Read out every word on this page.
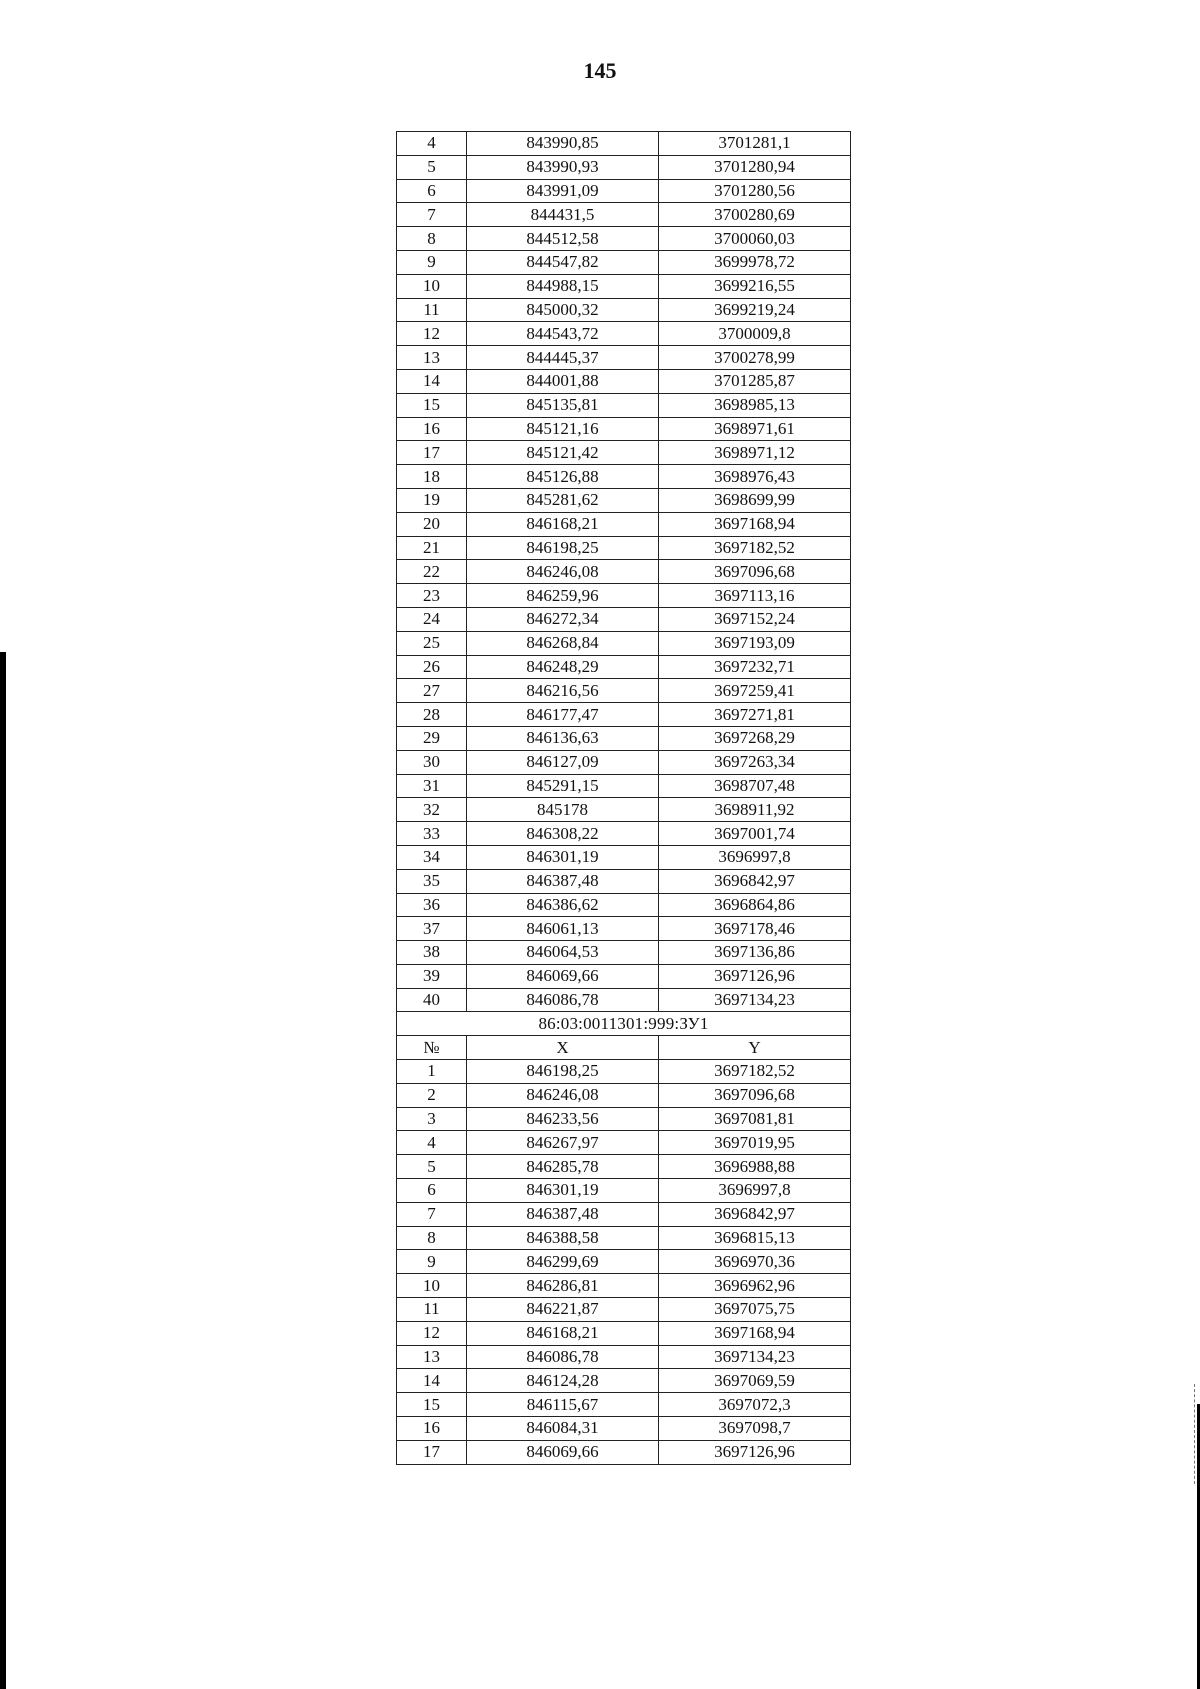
145
4	843990,85	3701281,1
5	843990,93	3701280,94
6	843991,09	3701280,56
7	844431,5	3700280,69
8	844512,58	3700060,03
9	844547,82	3699978,72
10	844988,15	3699216,55
11	845000,32	3699219,24
12	844543,72	3700009,8
13	844445,37	3700278,99
14	844001,88	3701285,87
15	845135,81	3698985,13
16	845121,16	3698971,61
17	845121,42	3698971,12
18	845126,88	3698976,43
19	845281,62	3698699,99
20	846168,21	3697168,94
21	846198,25	3697182,52
22	846246,08	3697096,68
23	846259,96	3697113,16
24	846272,34	3697152,24
25	846268,84	3697193,09
26	846248,29	3697232,71
27	846216,56	3697259,41
28	846177,47	3697271,81
29	846136,63	3697268,29
30	846127,09	3697263,34
31	845291,15	3698707,48
32	845178	3698911,92
33	846308,22	3697001,74
34	846301,19	3696997,8
35	846387,48	3696842,97
36	846386,62	3696864,86
37	846061,13	3697178,46
38	846064,53	3697136,86
39	846069,66	3697126,96
40	846086,78	3697134,23
86:03:0011301:999:ЗУ1		
№	X	Y
1	846198,25	3697182,52
2	846246,08	3697096,68
3	846233,56	3697081,81
4	846267,97	3697019,95
5	846285,78	3696988,88
6	846301,19	3696997,8
7	846387,48	3696842,97
8	846388,58	3696815,13
9	846299,69	3696970,36
10	846286,81	3696962,96
11	846221,87	3697075,75
12	846168,21	3697168,94
13	846086,78	3697134,23
14	846124,28	3697069,59
15	846115,67	3697072,3
16	846084,31	3697098,7
17	846069,66	3697126,96
